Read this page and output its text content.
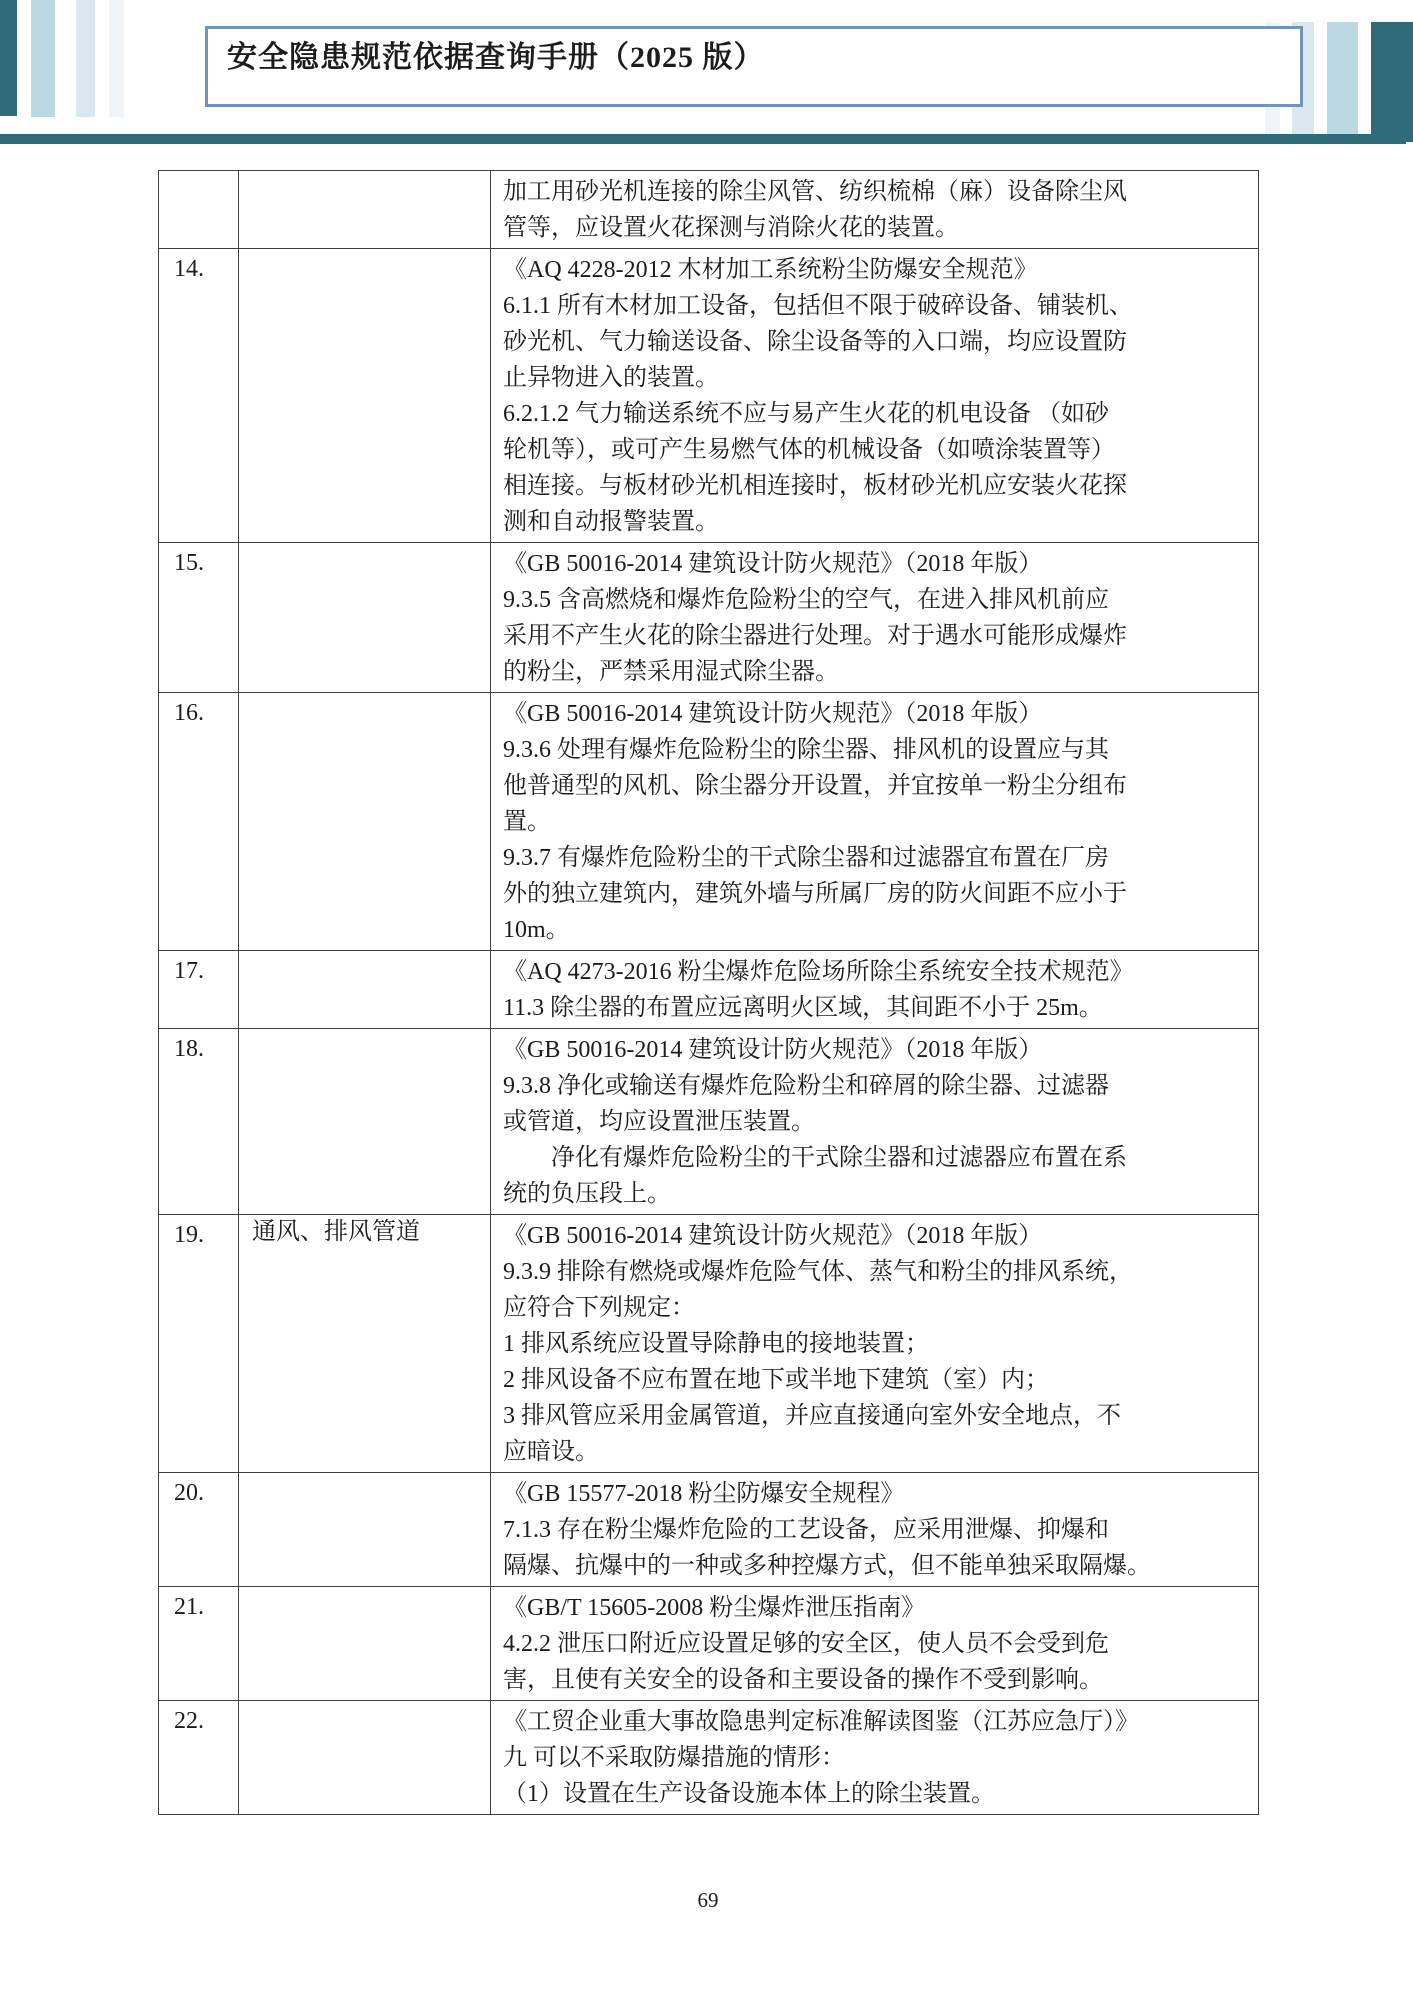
安全隐患规范依据查询手册（2025 版）

		加工用砂光机连接的除尘风管、纺织梳棉（麻）设备除尘风
管等，应设置火花探测与消除火花的装置。

14.		《AQ 4228-2012 木材加工系统粉尘防爆安全规范》
6.1.1 所有木材加工设备，包括但不限于破碎设备、铺装机、
砂光机、气力输送设备、除尘设备等的入口端，均应设置防
止异物进入的装置。
6.2.1.2 气力输送系统不应与易产生火花的机电设备 （如砂
轮机等），或可产生易燃气体的机械设备（如喷涂装置等）
相连接。与板材砂光机相连接时，板材砂光机应安装火花探
测和自动报警装置。

15.		《GB 50016-2014 建筑设计防火规范》（2018 年版）
9.3.5 含高燃烧和爆炸危险粉尘的空气，在进入排风机前应
采用不产生火花的除尘器进行处理。对于遇水可能形成爆炸
的粉尘，严禁采用湿式除尘器。

16.		《GB 50016-2014 建筑设计防火规范》（2018 年版）
9.3.6 处理有爆炸危险粉尘的除尘器、排风机的设置应与其
他普通型的风机、除尘器分开设置，并宜按单一粉尘分组布
置。
9.3.7 有爆炸危险粉尘的干式除尘器和过滤器宜布置在厂房
外的独立建筑内，建筑外墙与所属厂房的防火间距不应小于
10m。

17.		《AQ 4273-2016 粉尘爆炸危险场所除尘系统安全技术规范》
11.3 除尘器的布置应远离明火区域，其间距不小于 25m。

18.		《GB 50016-2014 建筑设计防火规范》（2018 年版）
9.3.8 净化或输送有爆炸危险粉尘和碎屑的除尘器、过滤器
或管道，均应设置泄压装置。
　　净化有爆炸危险粉尘的干式除尘器和过滤器应布置在系
统的负压段上。

19.	通风、排风管道	《GB 50016-2014 建筑设计防火规范》（2018 年版）
9.3.9 排除有燃烧或爆炸危险气体、蒸气和粉尘的排风系统，
应符合下列规定：
1 排风系统应设置导除静电的接地装置；
2 排风设备不应布置在地下或半地下建筑（室）内；
3 排风管应采用金属管道，并应直接通向室外安全地点，不
应暗设。

20.		《GB 15577-2018 粉尘防爆安全规程》
7.1.3 存在粉尘爆炸危险的工艺设备，应采用泄爆、抑爆和
隔爆、抗爆中的一种或多种控爆方式，但不能单独采取隔爆。

21.		《GB/T 15605-2008 粉尘爆炸泄压指南》
4.2.2 泄压口附近应设置足够的安全区，使人员不会受到危
害，且使有关安全的设备和主要设备的操作不受到影响。

22.		《工贸企业重大事故隐患判定标准解读图鉴（江苏应急厅）》
九 可以不采取防爆措施的情形：
（1）设置在生产设备设施本体上的除尘装置。
69
